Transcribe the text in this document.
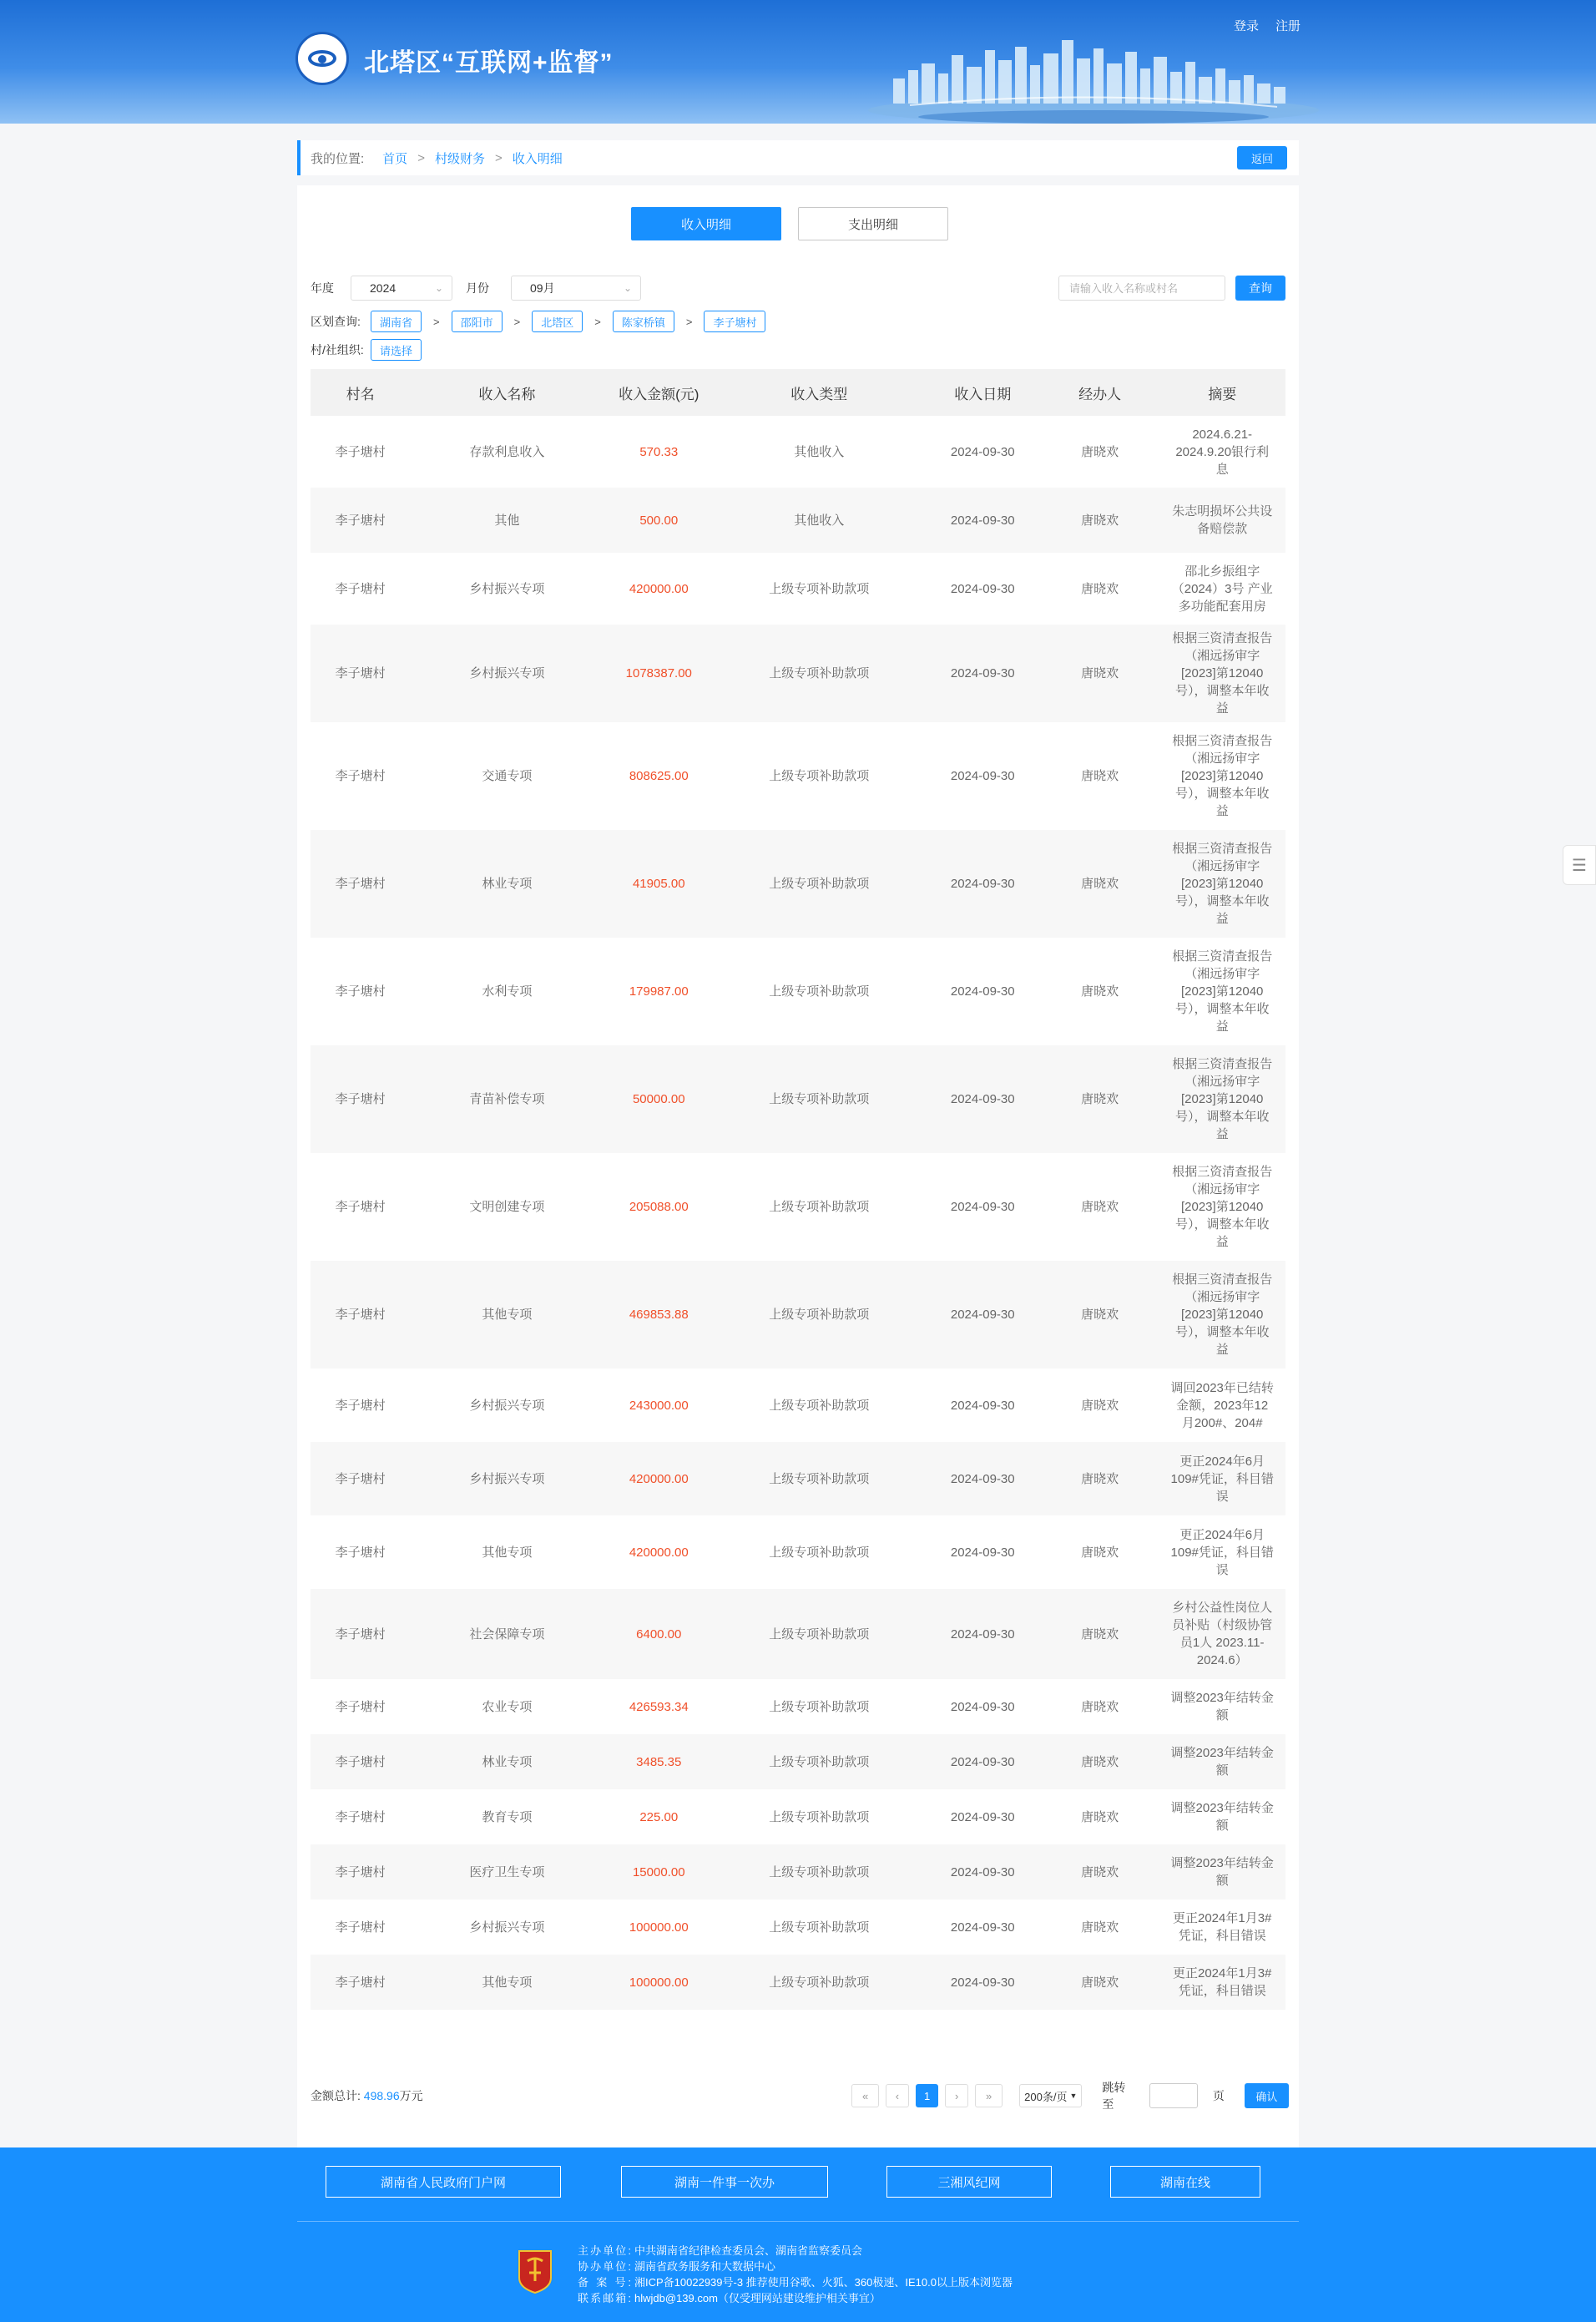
北塔区“互联网+监督”
登录 注册
我的位置: 首页 > 村级财务 > 收入明细	返回
收入明细	支出明细
年度	2024	⌄ 月份	09月	⌄
区划查询:	湖南省	>	邵阳市	>	北塔区	>	陈家桥镇	>	李子塘村
村/社组织:	请选择
请输入收入名称或村名
查询
村名	收入名称	收入金额(元)	收入类型	收入日期	经办人	摘要
李子塘村	存款利息收入	570.33	其他收入	2024-09-30	唐晓欢	2024.6.21-2024.9.20银行利息
李子塘村	其他	500.00	其他收入	2024-09-30	唐晓欢	朱志明损坏公共设备赔偿款
李子塘村	乡村振兴专项	420000.00	上级专项补助款项	2024-09-30	唐晓欢	邵北乡振组字（2024）3号 产业多功能配套用房
李子塘村	乡村振兴专项	1078387.00	上级专项补助款项	2024-09-30	唐晓欢	根据三资清查报告（湘远扬审字[2023]第12040号），调整本年收益
李子塘村	交通专项	808625.00	上级专项补助款项	2024-09-30	唐晓欢	根据三资清查报告（湘远扬审字[2023]第12040号），调整本年收益
李子塘村	林业专项	41905.00	上级专项补助款项	2024-09-30	唐晓欢	根据三资清查报告（湘远扬审字[2023]第12040号），调整本年收益
李子塘村	水利专项	179987.00	上级专项补助款项	2024-09-30	唐晓欢	根据三资清查报告（湘远扬审字[2023]第12040号），调整本年收益
李子塘村	青苗补偿专项	50000.00	上级专项补助款项	2024-09-30	唐晓欢	根据三资清查报告（湘远扬审字[2023]第12040号），调整本年收益
李子塘村	文明创建专项	205088.00	上级专项补助款项	2024-09-30	唐晓欢	根据三资清查报告（湘远扬审字[2023]第12040号），调整本年收益
李子塘村	其他专项	469853.88	上级专项补助款项	2024-09-30	唐晓欢	根据三资清查报告（湘远扬审字[2023]第12040号），调整本年收益
李子塘村	乡村振兴专项	243000.00	上级专项补助款项	2024-09-30	唐晓欢	调回2023年已结转金额，2023年12月200#、204#
李子塘村	乡村振兴专项	420000.00	上级专项补助款项	2024-09-30	唐晓欢	更正2024年6月109#凭证，科目错误
李子塘村	其他专项	420000.00	上级专项补助款项	2024-09-30	唐晓欢	更正2024年6月109#凭证，科目错误
李子塘村	社会保障专项	6400.00	上级专项补助款项	2024-09-30	唐晓欢	乡村公益性岗位人员补贴（村级协管员1人 2023.11-2024.6）
李子塘村	农业专项	426593.34	上级专项补助款项	2024-09-30	唐晓欢	调整2023年结转金额
李子塘村	林业专项	3485.35	上级专项补助款项	2024-09-30	唐晓欢	调整2023年结转金额
李子塘村	教育专项	225.00	上级专项补助款项	2024-09-30	唐晓欢	调整2023年结转金额
李子塘村	医疗卫生专项	15000.00	上级专项补助款项	2024-09-30	唐晓欢	调整2023年结转金额
李子塘村	乡村振兴专项	100000.00	上级专项补助款项	2024-09-30	唐晓欢	更正2024年1月3#凭证，科目错误
李子塘村	其他专项	100000.00	上级专项补助款项	2024-09-30	唐晓欢	更正2024年1月3#凭证，科目错误
金额总计: 498.96万元	«	‹	1	›	»	200条/页 ▼
跳转至
页	确认
☰
湖南省人民政府门户网	湖南一件事一次办	三湘风纪网	湖南在线
主办单位: 中共湖南省纪律检查委员会、湖南省监察委员会
协办单位: 湖南省政务服务和大数据中心
备 案 号: 湘ICP备10022939号-3 推荐使用谷歌、火狐、360极速、IE10.0以上版本浏览器
联系邮箱: hlwjdb@139.com（仅受理网站建设维护相关事宜）
